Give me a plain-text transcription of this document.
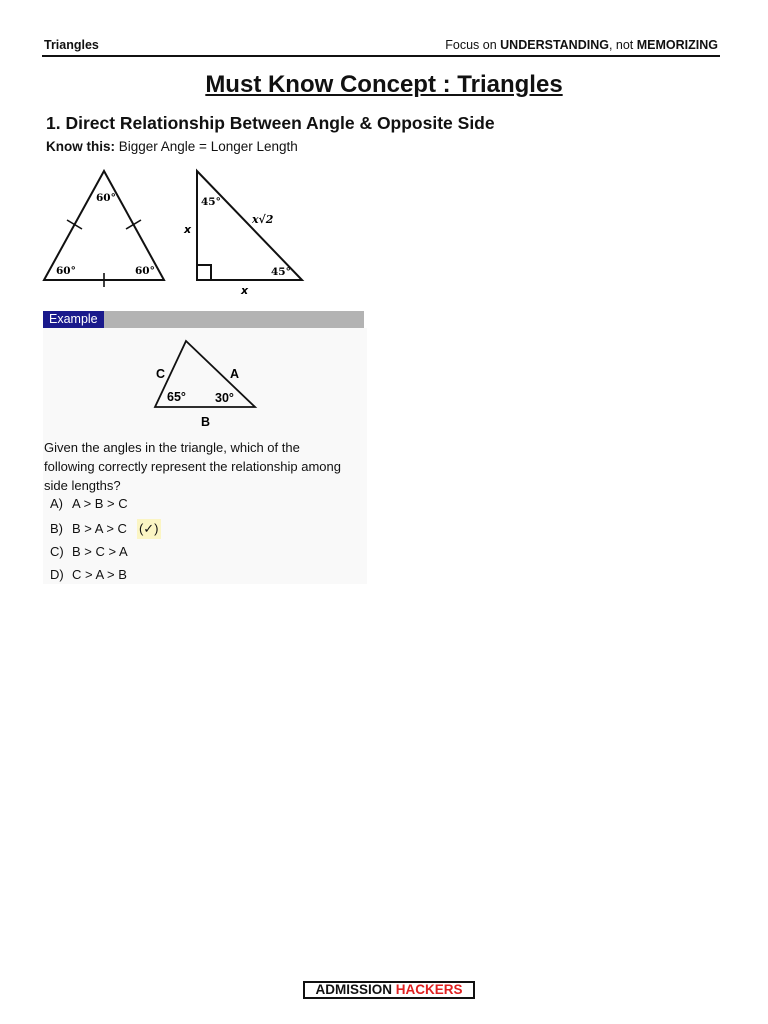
Triangles	Focus on UNDERSTANDING, not MEMORIZING
Must Know Concept : Triangles
1. Direct Relationship Between Angle & Opposite Side
Know this: Bigger Angle = Longer Length
60°
60°	60°
45°
45°
x
x
x√2
Example
C	A
B
65° 30°
Given the angles in the triangle, which of the following correctly represent the relationship among side lengths?
A) A > B > C
B) B > A > C (✓)
C) B > C > A
D) C > A > B
ADMISSION HACKERS
